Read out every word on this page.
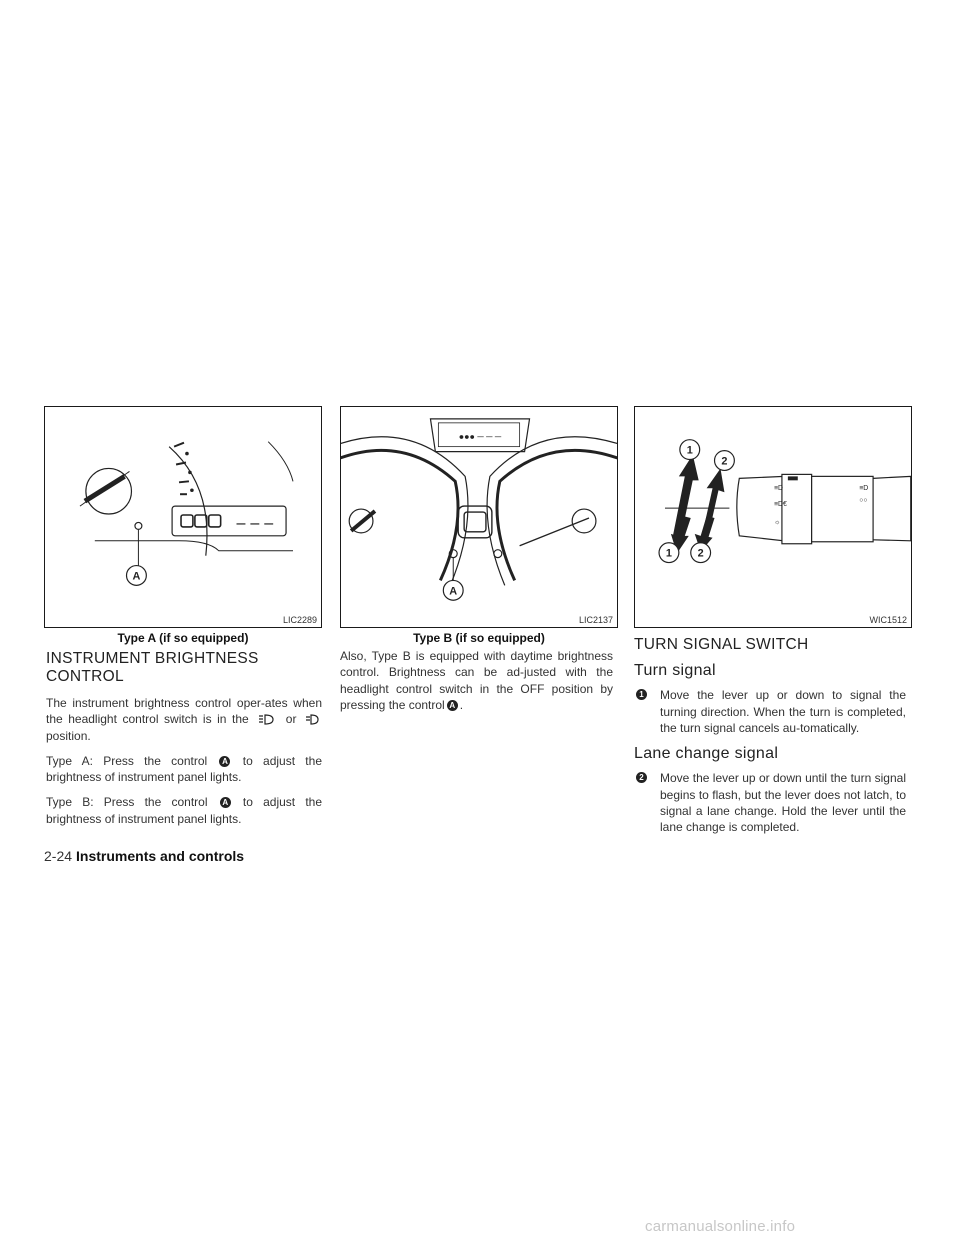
A
LIC2289
Type A (if so equipped)
●●● ─ ─ ─
A
LIC2137
Type B (if so equipped)
1
2
1 2
≡D
≡D€
☼
≡D
○○
WIC1512
INSTRUMENT BRIGHTNESS CONTROL

The instrument brightness control oper-ates when the headlight control switch is in the	or  position.

Type A: Press the control A to adjust the brightness of instrument panel lights.

Type B: Press the control A to adjust the brightness of instrument panel lights.

Also, Type B is equipped with daytime brightness control. Brightness can be ad-justed with the headlight control switch in the OFF position by pressing the control A .

TURN SIGNAL SWITCH
Turn signal
1 Move the lever up or down to signal the turning direction. When the turn is completed, the turn signal cancels au-tomatically.
Lane change signal
2 Move the lever up or down until the turn signal begins to flash, but the lever does not latch, to signal a lane change. Hold the lever until the lane change is completed.
2-24 Instruments and controls
carmanualsonline.info
